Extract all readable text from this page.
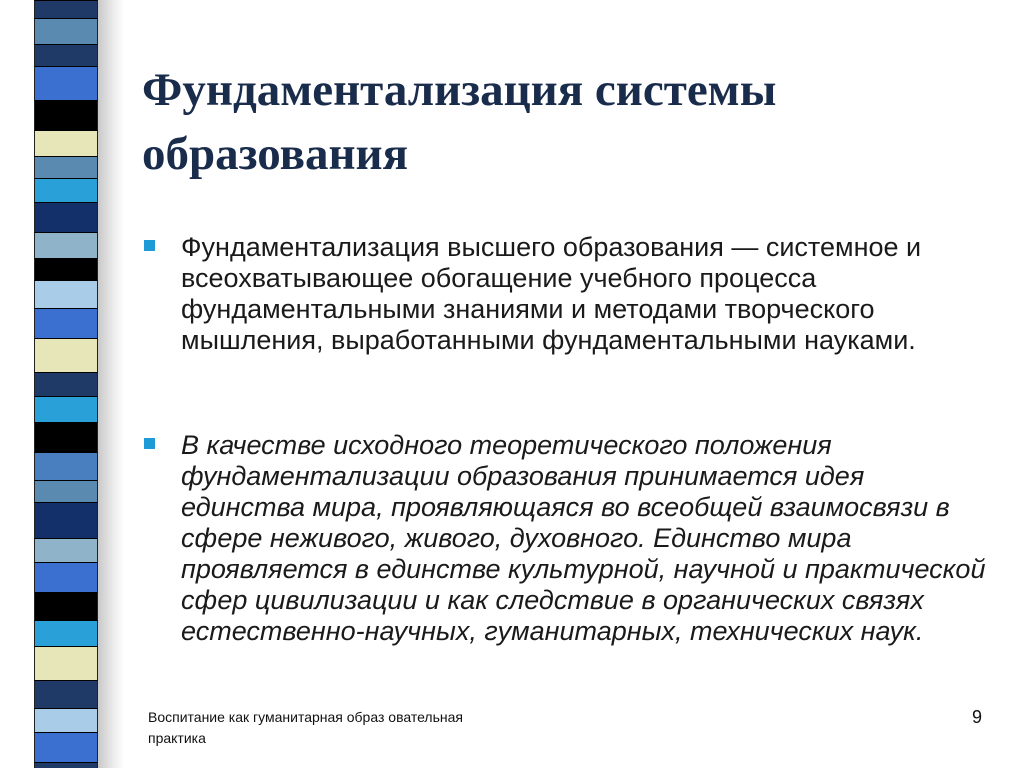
Фундаментализация системы образования
Фундаментализация высшего образования — системное и всеохватывающее обогащение учебного процесса фундаментальными знаниями и методами творческого мышления, выработанными фундаментальными науками.
В качестве исходного теоретического положения фундаментализации образования принимается идея единства мира, проявляющаяся во всеобщей взаимосвязи в сфере неживого, живого, духовного. Единство мира проявляется в единстве культурной, научной и практической сфер цивилизации и как следствие в органических связях естественно-научных, гуманитарных, технических наук.
Воспитание как гуманитарная образ овательная практика
9
